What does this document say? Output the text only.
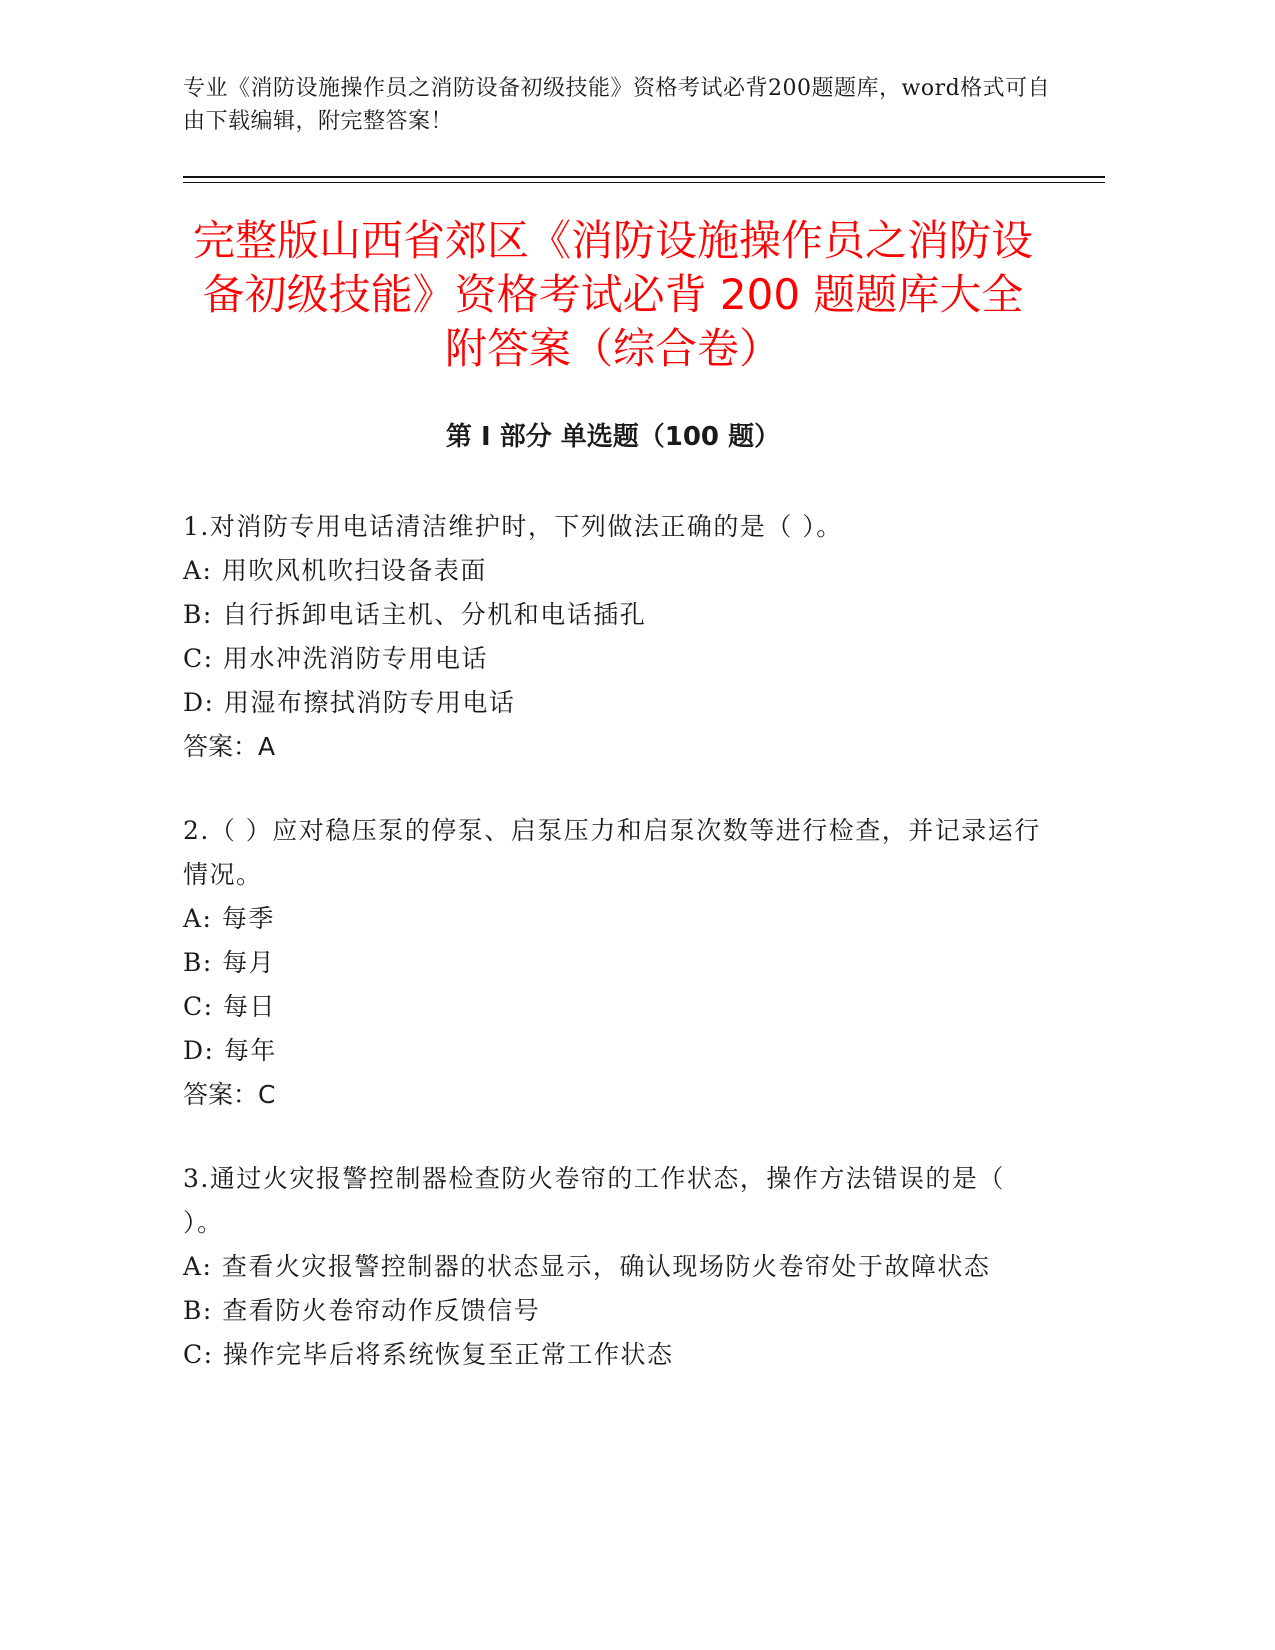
专业《消防设施操作员之消防设备初级技能》资格考试必背200题题库，word格式可自由下载编辑，附完整答案！
完整版山西省郊区《消防设施操作员之消防设备初级技能》资格考试必背 200 题题库大全附答案（综合卷）
第 I 部分 单选题（100 题）
1.对消防专用电话清洁维护时，下列做法正确的是（ ）。
A: 用吹风机吹扫设备表面
B: 自行拆卸电话主机、分机和电话插孔
C: 用水冲洗消防专用电话
D: 用湿布擦拭消防专用电话
答案：A
2.（ ）应对稳压泵的停泵、启泵压力和启泵次数等进行检查，并记录运行情况。
A: 每季
B: 每月
C: 每日
D: 每年
答案：C
3.通过火灾报警控制器检查防火卷帘的工作状态，操作方法错误的是（ ）。
A: 查看火灾报警控制器的状态显示，确认现场防火卷帘处于故障状态
B: 查看防火卷帘动作反馈信号
C: 操作完毕后将系统恢复至正常工作状态
